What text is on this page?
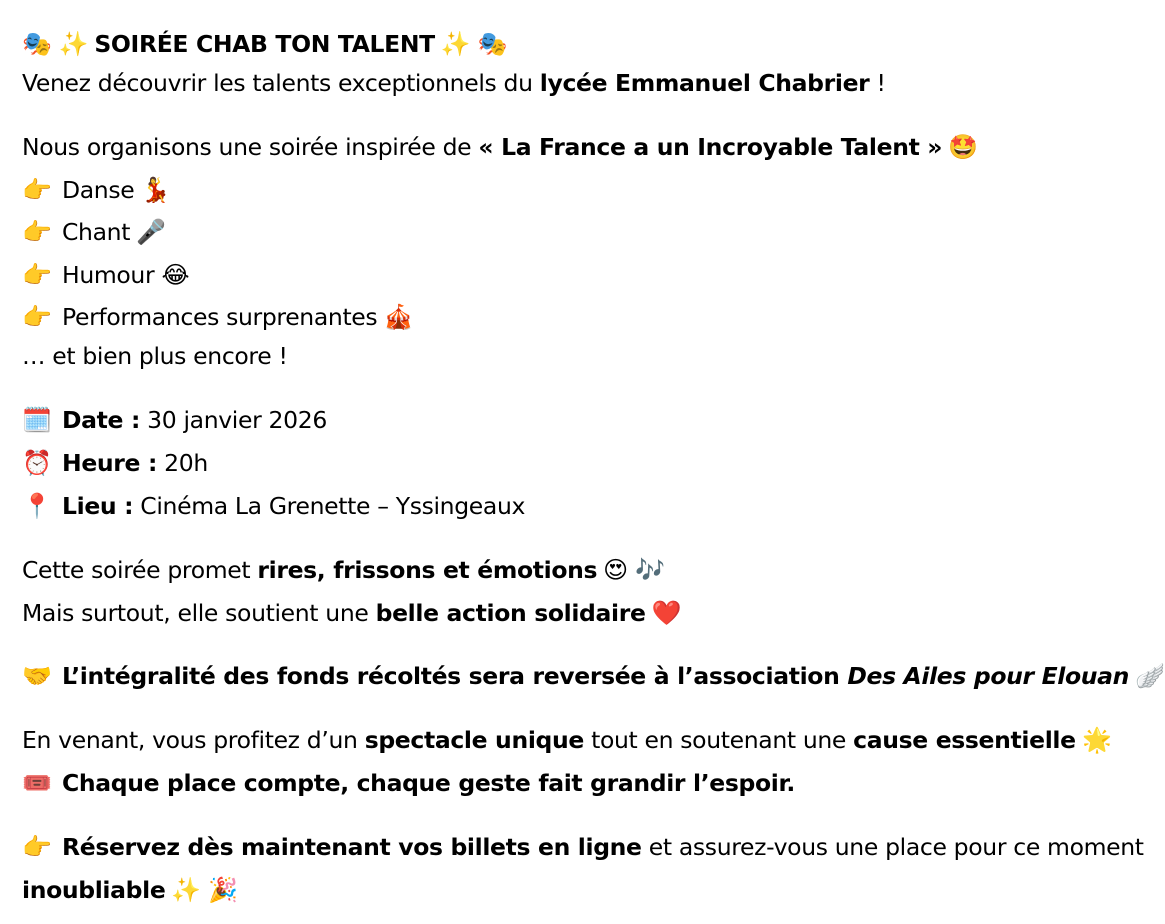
🎭 ✨ SOIRÉE CHAB TON TALENT ✨ 🎭
Venez découvrir les talents exceptionnels du lycée Emmanuel Chabrier !
Nous organisons une soirée inspirée de « La France a un Incroyable Talent » 🤩
👉 Danse 💃
👉 Chant 🎤
👉 Humour 😂
👉 Performances surprenantes 🎪
… et bien plus encore !
🗓️ Date : 30 janvier 2026
⏰ Heure : 20h
📍 Lieu : Cinéma La Grenette – Yssingeaux
Cette soirée promet rires, frissons et émotions 😍 🎶
Mais surtout, elle soutient une belle action solidaire ❤️
🤝 L’intégralité des fonds récoltés sera reversée à l’association Des Ailes pour Elouan 🪽
En venant, vous profitez d’un spectacle unique tout en soutenant une cause essentielle 🌟
🎟️ Chaque place compte, chaque geste fait grandir l’espoir.
👉 Réservez dès maintenant vos billets en ligne et assurez-vous une place pour ce moment
inoubliable ✨ 🎉
